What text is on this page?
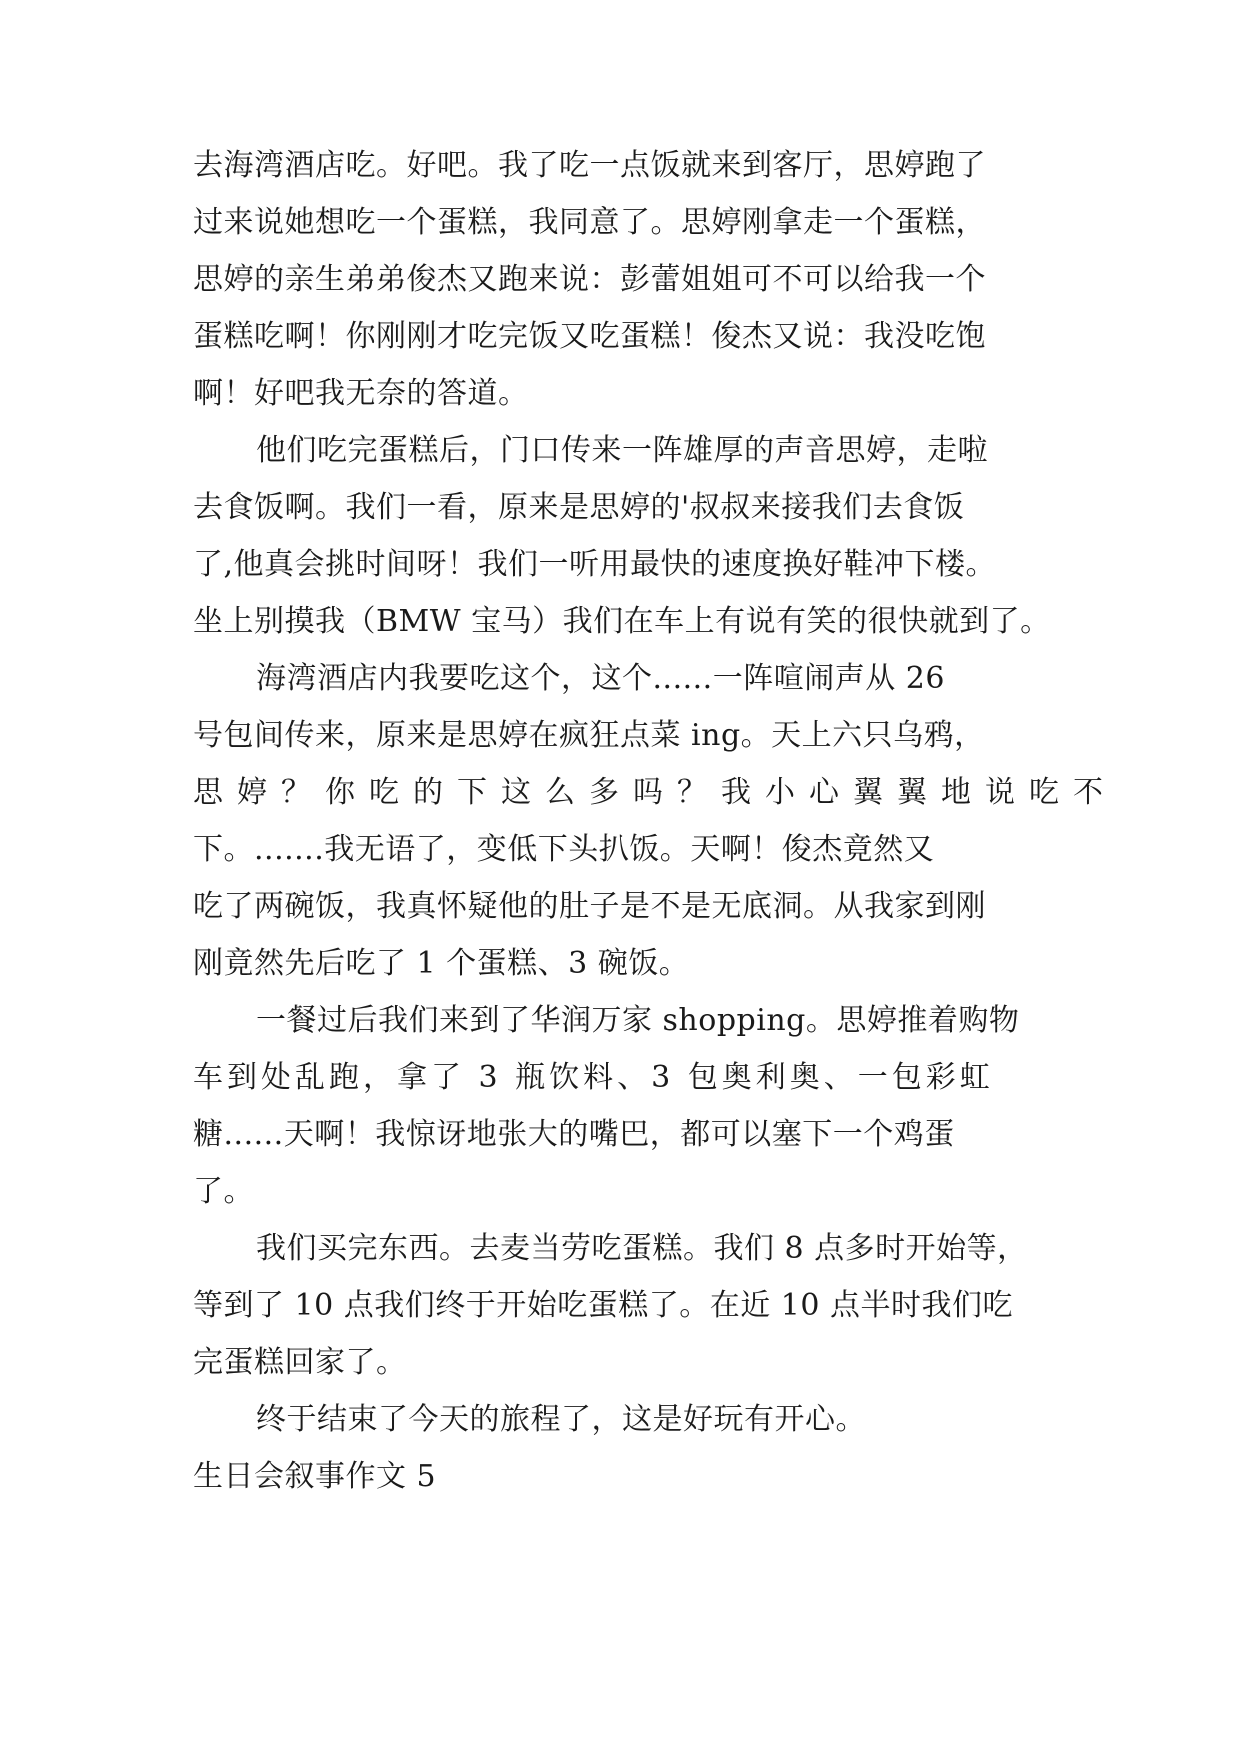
去海湾酒店吃。好吧。我了吃一点饭就来到客厅，思婷跑了
过来说她想吃一个蛋糕，我同意了。思婷刚拿走一个蛋糕，
思婷的亲生弟弟俊杰又跑来说：彭蕾姐姐可不可以给我一个
蛋糕吃啊！你刚刚才吃完饭又吃蛋糕！俊杰又说：我没吃饱
啊！好吧我无奈的答道。
他们吃完蛋糕后，门口传来一阵雄厚的声音思婷，走啦
去食饭啊。我们一看，原来是思婷的'叔叔来接我们去食饭
了,他真会挑时间呀！我们一听用最快的速度换好鞋冲下楼。
坐上别摸我（BMW 宝马）我们在车上有说有笑的很快就到了。
海湾酒店内我要吃这个，这个......一阵喧闹声从 26
号包间传来，原来是思婷在疯狂点菜 ing。天上六只乌鸦，
思婷？你吃的下这么多吗？我小心翼翼地说吃不
下。.......我无语了，变低下头扒饭。天啊！俊杰竟然又
吃了两碗饭，我真怀疑他的肚子是不是无底洞。从我家到刚
刚竟然先后吃了 1 个蛋糕、3 碗饭。
一餐过后我们来到了华润万家 shopping。思婷推着购物
车到处乱跑，拿了 3 瓶饮料、3 包奥利奥、一包彩虹
糖......天啊！我惊讶地张大的嘴巴，都可以塞下一个鸡蛋
了。
我们买完东西。去麦当劳吃蛋糕。我们 8 点多时开始等，
等到了 10 点我们终于开始吃蛋糕了。在近 10 点半时我们吃
完蛋糕回家了。
终于结束了今天的旅程了，这是好玩有开心。
生日会叙事作文 5
